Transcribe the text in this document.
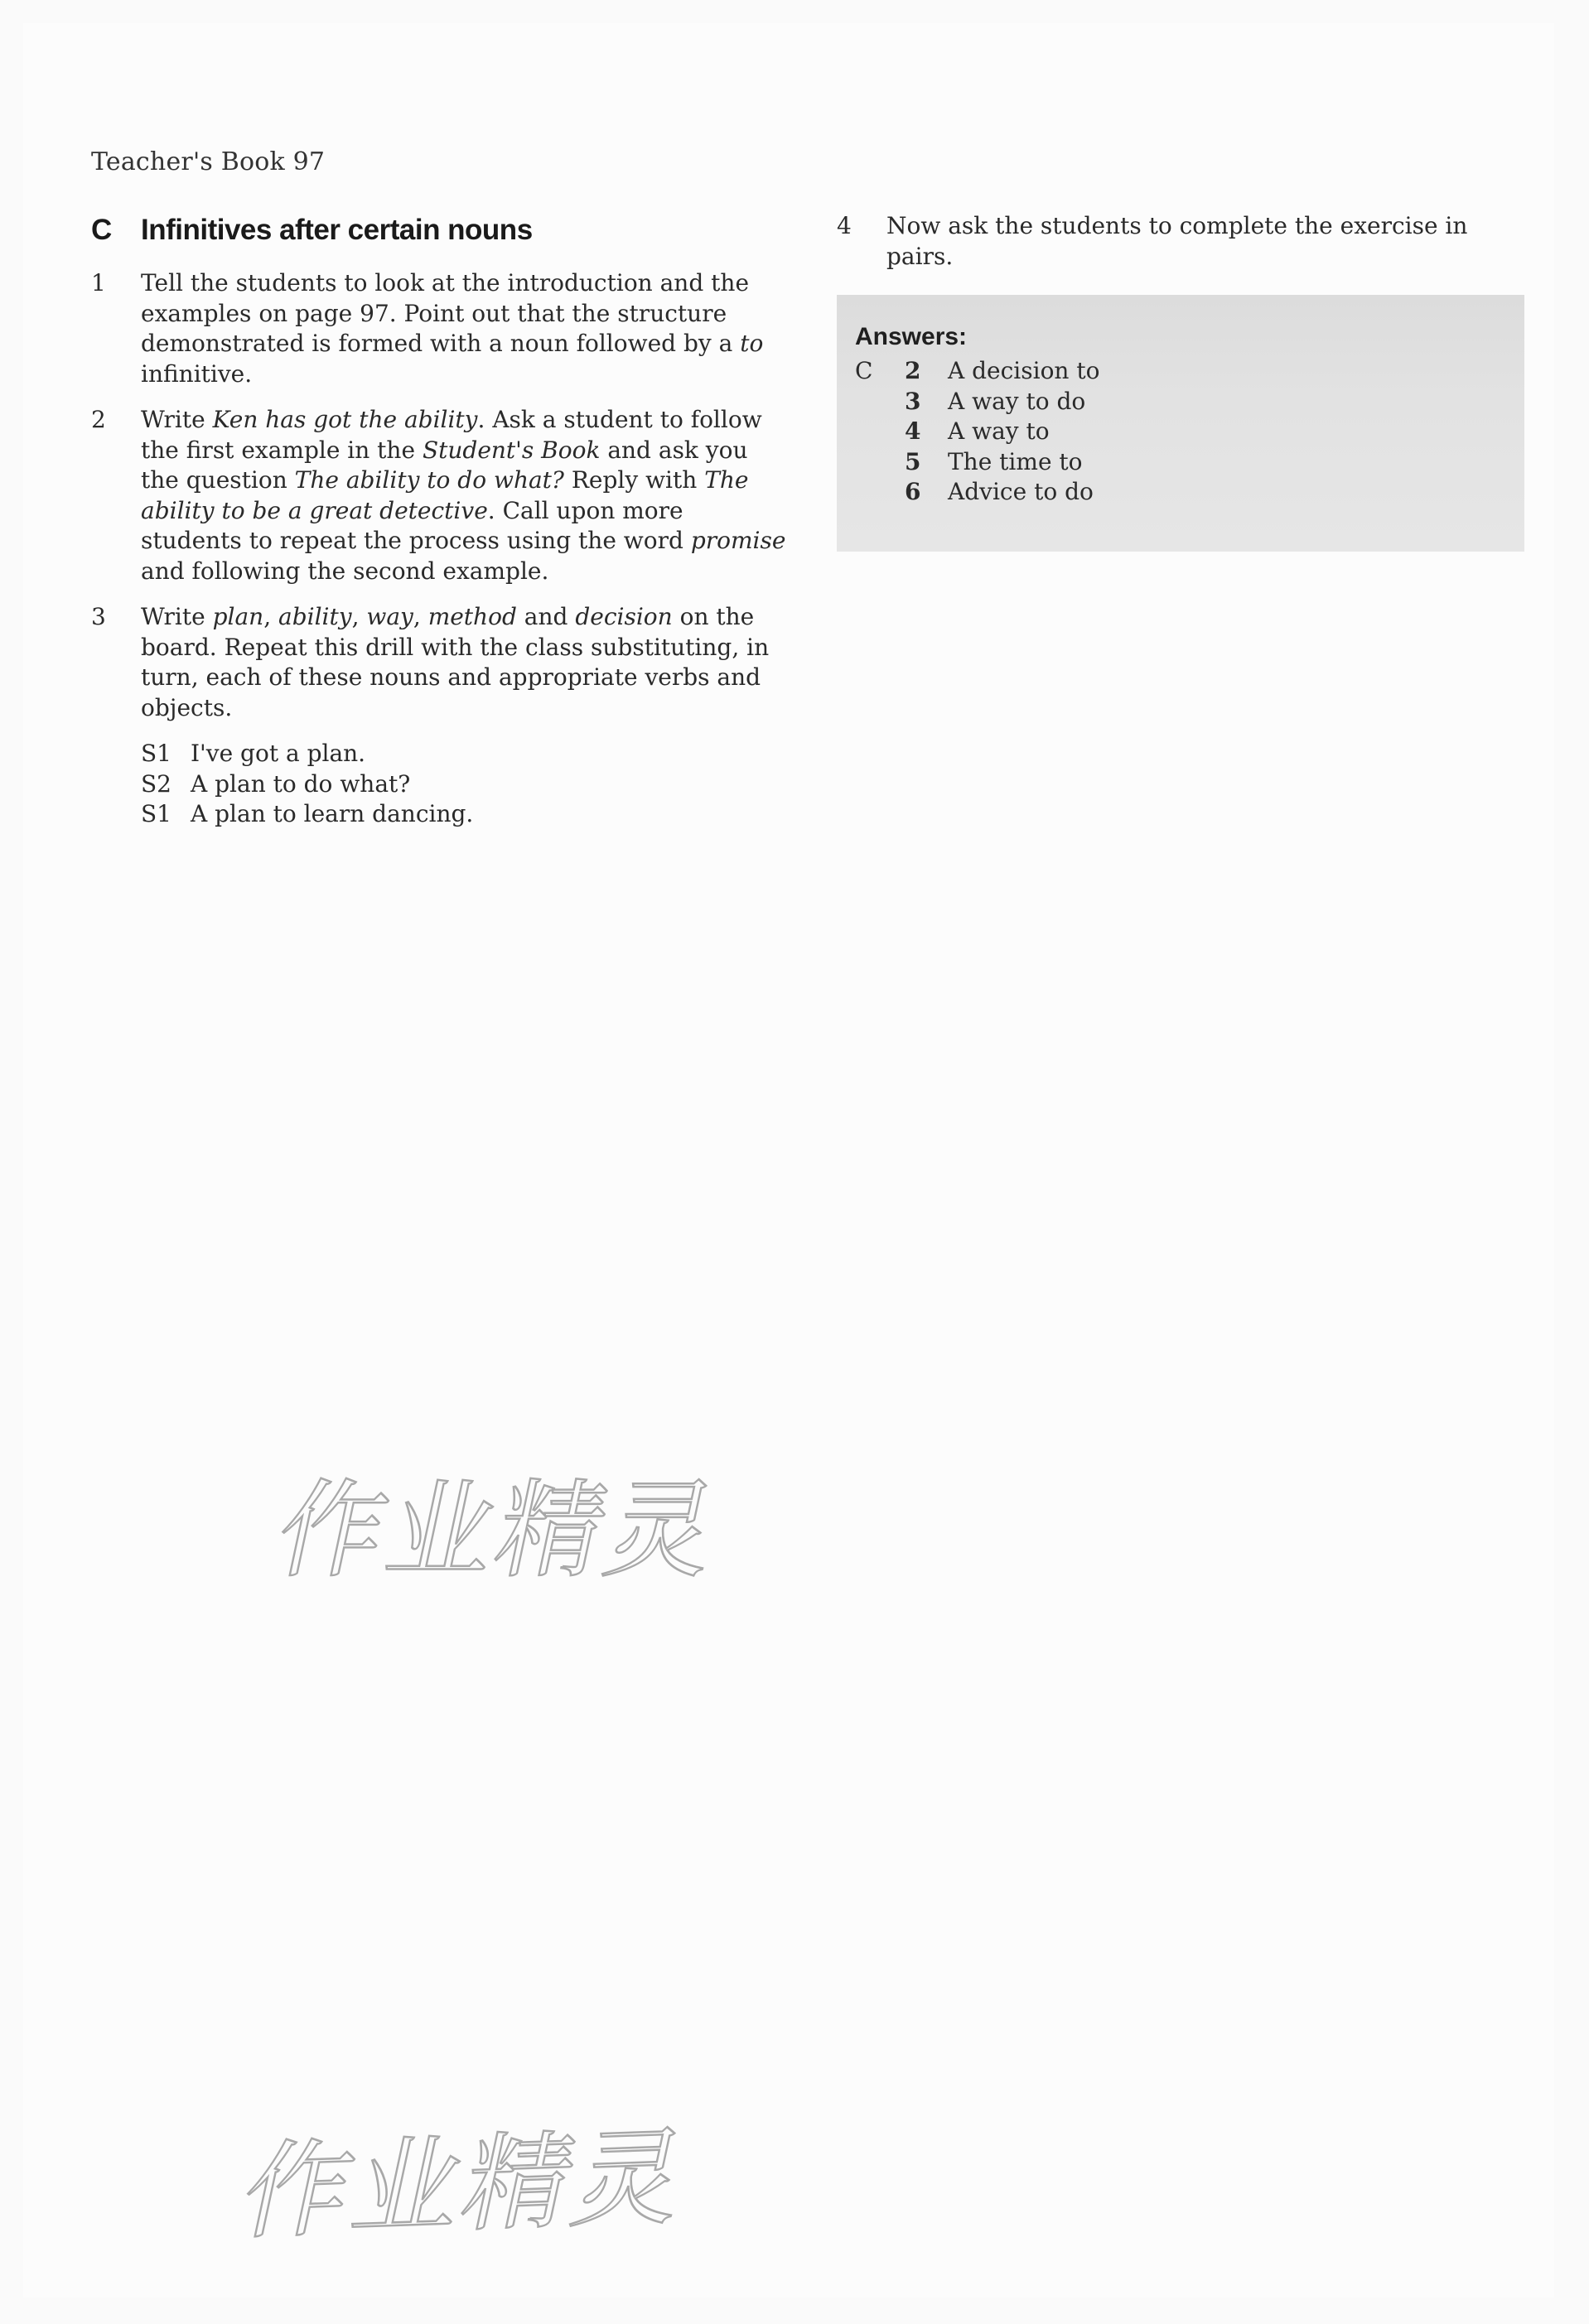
Teacher's Book 97
C	Infinitives after certain nouns
1	Tell the students to look at the introduction and the examples on page 97. Point out that the structure demonstrated is formed with a noun followed by a to infinitive.
2	Write Ken has got the ability. Ask a student to follow the first example in the Student's Book and ask you the question The ability to do what? Reply with The ability to be a great detective. Call upon more students to repeat the process using the word promise and following the second example.
3	Write plan, ability, way, method and decision on the board. Repeat this drill with the class substituting, in turn, each of these nouns and appropriate verbs and objects.
S1 I've got a plan.
S2 A plan to do what?
S1 A plan to learn dancing.
4	Now ask the students to complete the exercise in pairs.
Answers:
C	2	A decision to
3	A way to do
4	A way to
5	The time to
6	Advice to do
作业精灵
作业精灵
